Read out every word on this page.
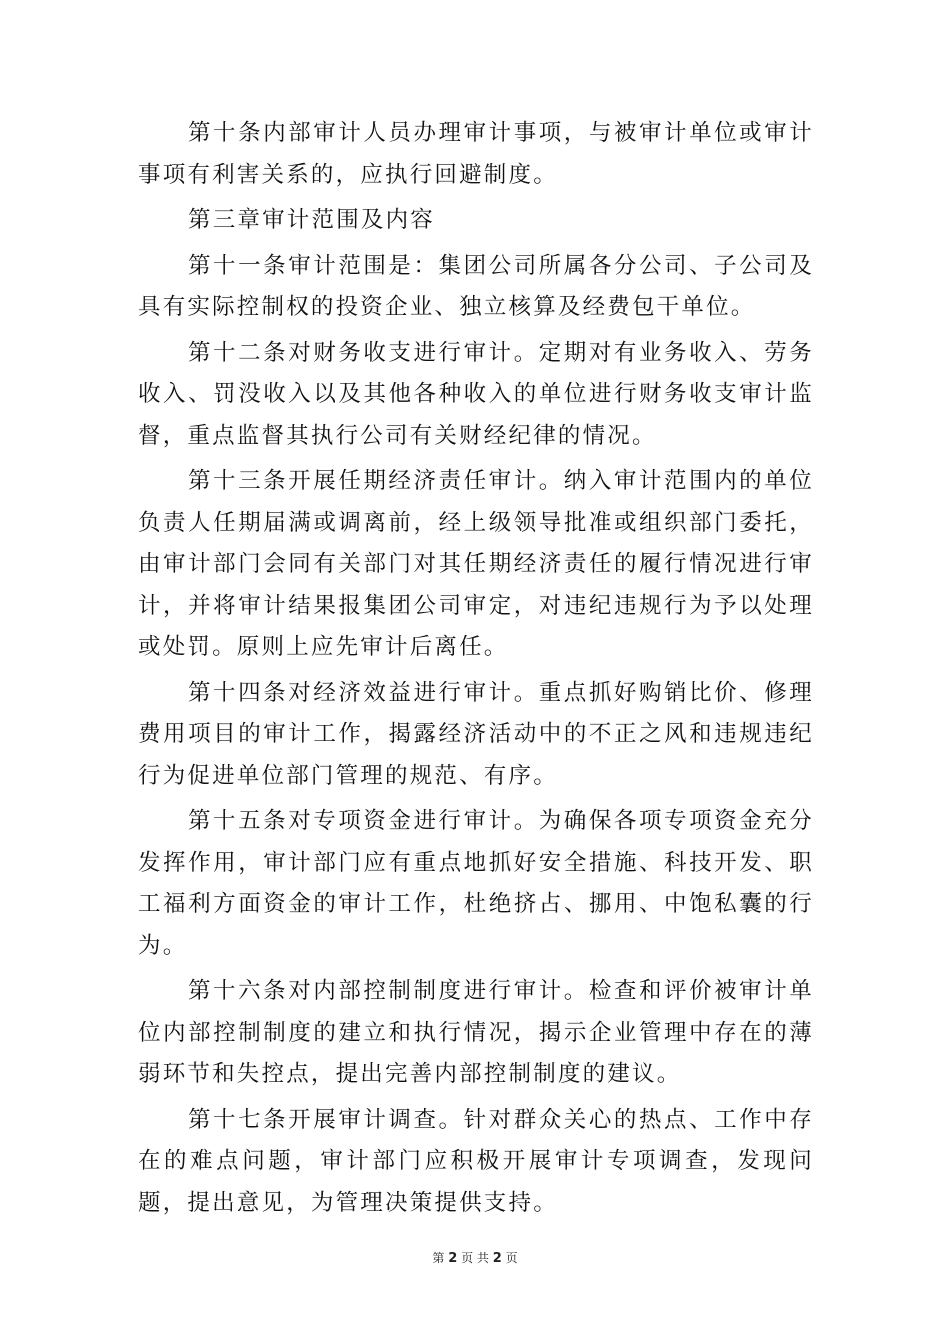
第十条内部审计人员办理审计事项，与被审计单位或审计事项有利害关系的，应执行回避制度。

第三章审计范围及内容

第十一条审计范围是：集团公司所属各分公司、子公司及具有实际控制权的投资企业、独立核算及经费包干单位。

第十二条对财务收支进行审计。定期对有业务收入、劳务收入、罚没收入以及其他各种收入的单位进行财务收支审计监督，重点监督其执行公司有关财经纪律的情况。

第十三条开展任期经济责任审计。纳入审计范围内的单位负责人任期届满或调离前，经上级领导批准或组织部门委托，由审计部门会同有关部门对其任期经济责任的履行情况进行审计，并将审计结果报集团公司审定，对违纪违规行为予以处理或处罚。原则上应先审计后离任。

第十四条对经济效益进行审计。重点抓好购销比价、修理费用项目的审计工作，揭露经济活动中的不正之风和违规违纪行为促进单位部门管理的规范、有序。

第十五条对专项资金进行审计。为确保各项专项资金充分发挥作用，审计部门应有重点地抓好安全措施、科技开发、职工福利方面资金的审计工作，杜绝挤占、挪用、中饱私囊的行为。

第十六条对内部控制制度进行审计。检查和评价被审计单位内部控制制度的建立和执行情况，揭示企业管理中存在的薄弱环节和失控点，提出完善内部控制制度的建议。

第十七条开展审计调查。针对群众关心的热点、工作中存在的难点问题，审计部门应积极开展审计专项调查，发现问题，提出意见，为管理决策提供支持。

第 2 页 共 2 页
